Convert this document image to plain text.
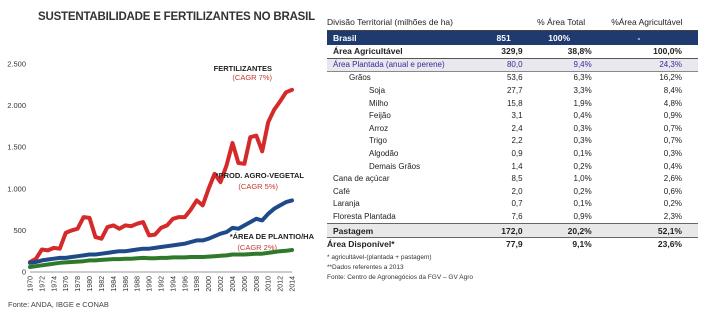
SUSTENTABILIDADE E FERTILIZANTES NO BRASIL
0
500
1.000
1.500
2.000
2.500
1970 1972 1974 1976 1978 1980 1982 1984 1986 1988 1990 1992 1994 1996 1998 2000 2002 2004 2006 2008 2010 2012 2014
FERTILIZANTES
(CAGR 7%)
*PROD. AGRO-VEGETAL
(CAGR 5%)
*ÁREA DE PLANTIO/HA
(CAGR 2%)
Fonte: ANDA, IBGE e CONAB
Divisão Territorial (milhões de ha)		% Área Total	%Área Agricultável
Brasil	851	100%	-
Área Agricultável	329,9	38,8%	100,0%
Área Plantada (anual e perene)	80,0	9,4%	24,3%
Grãos	53,6	6,3%	16,2%
Soja	27,7	3,3%	8,4%
Milho	15,8	1,9%	4,8%
Feijão	3,1	0,4%	0,9%
Arroz	2,4	0,3%	0,7%
Trigo	2,2	0,3%	0,7%
Algodão	0,9	0,1%	0,3%
Demais Grãos	1,4	0,2%	0,4%
Cana de açúcar	8,5	1,0%	2,6%
Café	2,0	0,2%	0,6%
Laranja	0,7	0,1%	0,2%
Floresta Plantada	7,6	0,9%	2,3%
Pastagem	172,0	20,2%	52,1%
Área Disponível*	77,9	9,1%	23,6%
* agricultável-(plantada + pastagem)
**Dados referentes a 2013
Fonte: Centro de Agronegócios da FGV – GV Agro
